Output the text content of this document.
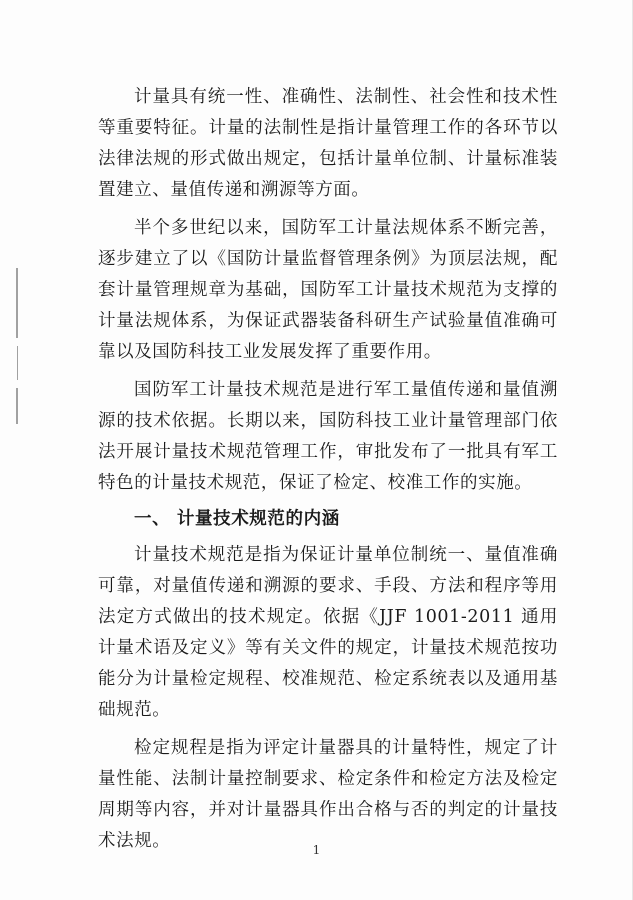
计量具有统一性、准确性、法制性、社会性和技术性等重要特征。计量的法制性是指计量管理工作的各环节以法律法规的形式做出规定，包括计量单位制、计量标准装置建立、量值传递和溯源等方面。

半个多世纪以来，国防军工计量法规体系不断完善，逐步建立了以《国防计量监督管理条例》为顶层法规，配套计量管理规章为基础，国防军工计量技术规范为支撑的计量法规体系，为保证武器装备科研生产试验量值准确可靠以及国防科技工业发展发挥了重要作用。

国防军工计量技术规范是进行军工量值传递和量值溯源的技术依据。长期以来，国防科技工业计量管理部门依法开展计量技术规范管理工作，审批发布了一批具有军工特色的计量技术规范，保证了检定、校准工作的实施。

一、 计量技术规范的内涵

计量技术规范是指为保证计量单位制统一、量值准确可靠，对量值传递和溯源的要求、手段、方法和程序等用法定方式做出的技术规定。依据《JJF 1001-2011 通用计量术语及定义》等有关文件的规定，计量技术规范按功能分为计量检定规程、校准规范、检定系统表以及通用基础规范。

检定规程是指为评定计量器具的计量特性，规定了计量性能、法制计量控制要求、检定条件和检定方法及检定周期等内容，并对计量器具作出合格与否的判定的计量技术法规。	1
